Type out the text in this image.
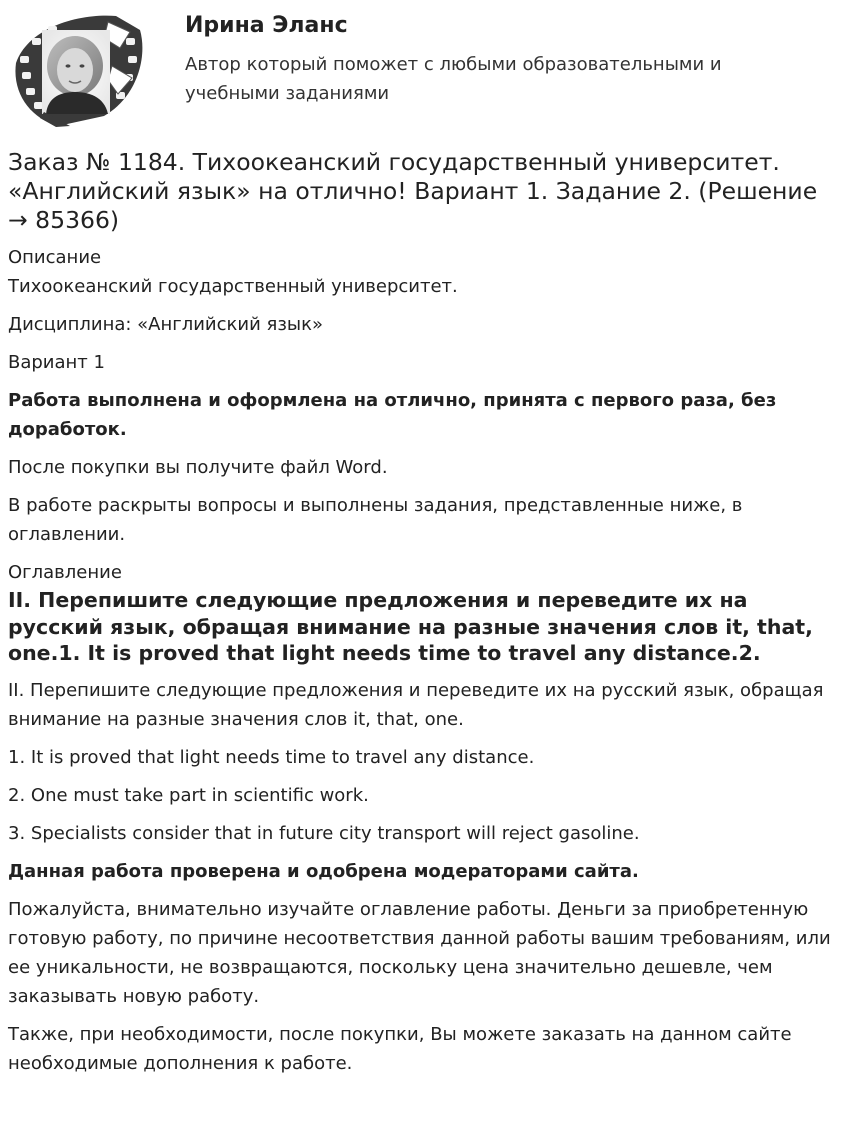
Ирина Эланс
Автор который поможет с любыми образовательными и учебными заданиями
Заказ № 1184. Тихоокеанский государственный университет. «Английский язык» на отлично! Вариант 1. Задание 2. (Решение → 85366)
Описание

Тихоокеанский государственный университет.

Дисциплина: «Английский язык»

Вариант 1

Работа выполнена и оформлена на отлично, принята с первого раза, без доработок.

После покупки вы получите файл Word.

В работе раскрыты вопросы и выполнены задания, представленные ниже, в оглавлении.

Оглавление
II. Перепишите следующие предложения и переведите их на русский язык, обращая внимание на разные значения слов it, that, one.1. It is proved that light needs time to travel any distance.2.

II. Перепишите следующие предложения и переведите их на русский язык, обращая внимание на разные значения слов it, that, one.

1. It is proved that light needs time to travel any distance.

2. One must take part in scientific work.

3. Specialists consider that in future city transport will reject gasoline.

Данная работа проверена и одобрена модераторами сайта.

Пожалуйста, внимательно изучайте оглавление работы. Деньги за приобретенную готовую работу, по причине несоответствия данной работы вашим требованиям, или ее уникальности, не возвращаются, поскольку цена значительно дешевле, чем заказывать новую работу.

Также, при необходимости, после покупки, Вы можете заказать на данном сайте необходимые дополнения к работе.
